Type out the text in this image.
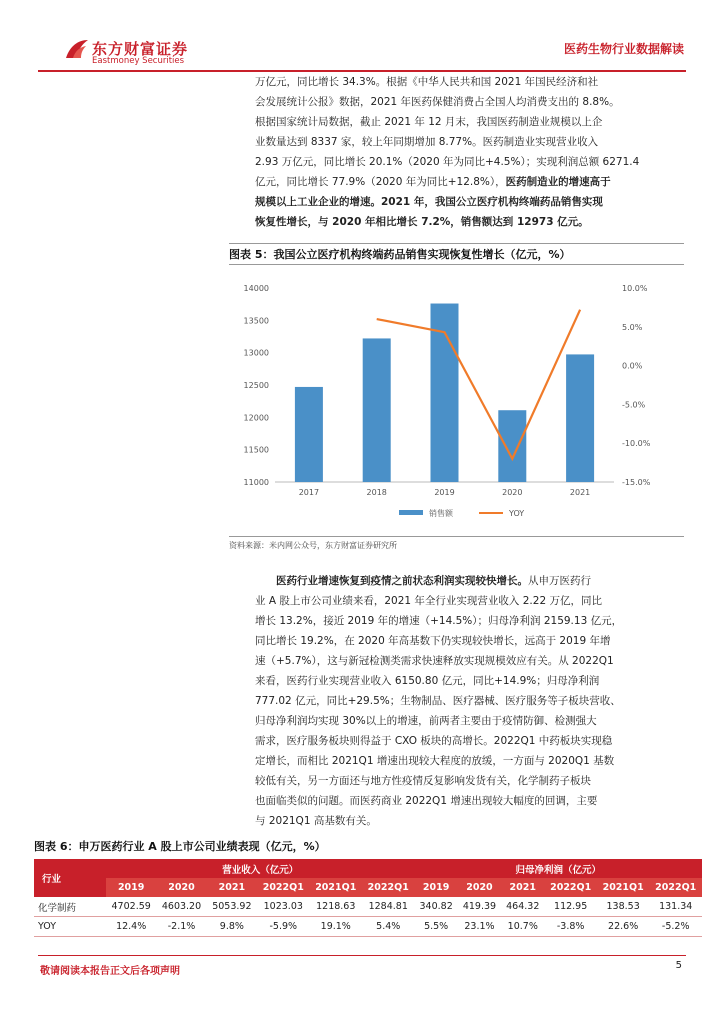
东方财富证券
Eastmoney Securities
医药生物行业数据解读

万亿元，同比增长 34.3%。根据《中华人民共和国 2021 年国民经济和社

会发展统计公报》数据，2021 年医药保健消费占全国人均消费支出的 8.8%。

根据国家统计局数据，截止 2021 年 12 月末，我国医药制造业规模以上企

业数量达到 8337 家，较上年同期增加 8.77%。医药制造业实现营业收入

2.93 万亿元，同比增长 20.1%（2020 年为同比+4.5%）；实现利润总额 6271.4

亿元，同比增长 77.9%（2020 年为同比+12.8%），医药制造业的增速高于

规模以上工业企业的增速。2021 年，我国公立医疗机构终端药品销售实现

恢复性增长，与 2020 年相比增长 7.2%，销售额达到 12973 亿元。

图表 5：我国公立医疗机构终端药品销售实现恢复性增长（亿元，%）
14000
13500
13000
12500
12000
11500
11000
10.0%
5.0%
0.0%
-5.0%
-10.0%
-15.0%
2017	2018	2019	2020	2021
销售额	YOY
资料来源：米内网公众号，东方财富证券研究所

医药行业增速恢复到疫情之前状态利润实现较快增长。从申万医药行

业 A 股上市公司业绩来看，2021 年全行业实现营业收入 2.22 万亿，同比

增长 13.2%，接近 2019 年的增速（+14.5%）；归母净利润 2159.13 亿元，

同比增长 19.2%，在 2020 年高基数下仍实现较快增长，远高于 2019 年增

速（+5.7%），这与新冠检测类需求快速释放实现规模效应有关。从 2022Q1

来看，医药行业实现营业收入 6150.80 亿元，同比+14.9%；归母净利润

777.02 亿元，同比+29.5%；生物制品、医疗器械、医疗服务等子板块营收、

归母净利润均实现 30%以上的增速，前两者主要由于疫情防御、检测强大

需求，医疗服务板块则得益于 CXO 板块的高增长。2022Q1 中药板块实现稳

定增长，而相比 2021Q1 增速出现较大程度的放缓，一方面与 2020Q1 基数

较低有关，另一方面还与地方性疫情反复影响发货有关，化学制药子板块

也面临类似的问题。而医药商业 2022Q1 增速出现较大幅度的回调，主要

与 2021Q1 高基数有关。

图表 6：申万医药行业 A 股上市公司业绩表现（亿元，%）
行业	营业收入（亿元）						归母净利润（亿元）					
	2019	2020	2021	2022Q1	2021Q1	2022Q1	2019	2020	2021	2022Q1	2021Q1	2022Q1
化学制药	4702.59	4603.20	5053.92	1023.03	1218.63	1284.81	340.82	419.39	464.32	112.95	138.53	131.34
YOY	12.4%	-2.1%	9.8%	-5.9%	19.1%	5.4%	5.5%	23.1%	10.7%	-3.8%	22.6%	-5.2%
敬请阅读本报告正文后各项声明
5
